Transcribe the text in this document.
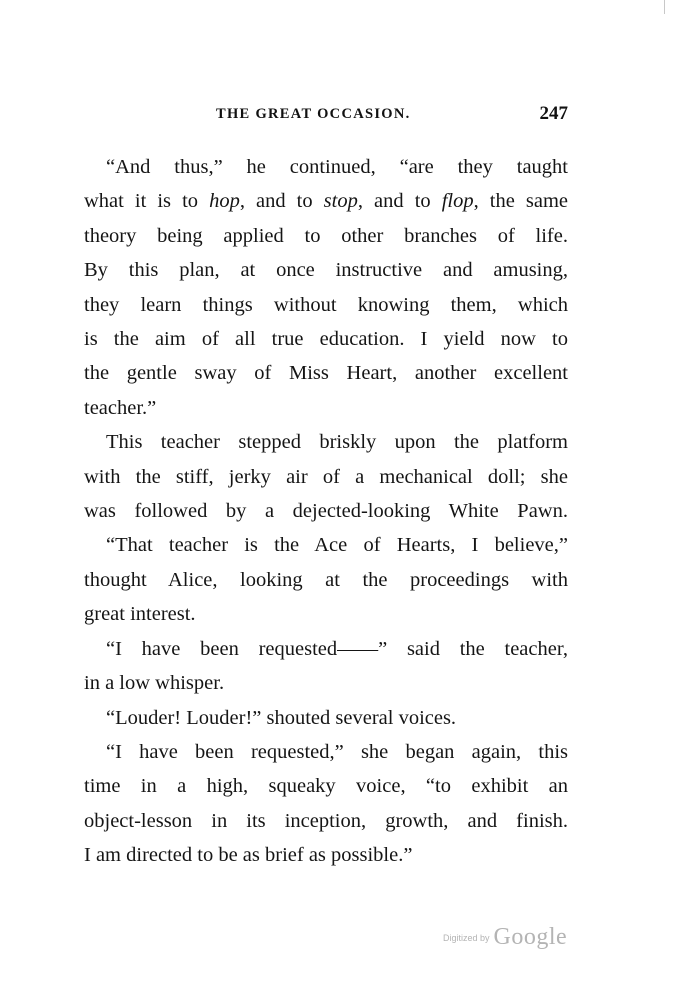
THE GREAT OCCASION.	247

“And thus,” he continued, “are they taught
what it is to hop, and to stop, and to flop, the same
theory being applied to other branches of life.
By this plan, at once instructive and amusing,
they learn things without knowing them, which
is the aim of all true education. I yield now to
the gentle sway of Miss Heart, another excellent
teacher.”

This teacher stepped briskly upon the platform
with the stiff, jerky air of a mechanical doll; she
was followed by a dejected-looking White Pawn.

“That teacher is the Ace of Hearts, I believe,”
thought Alice, looking at the proceedings with
great interest.

“I have been requested——” said the teacher,
in a low whisper.

“Louder! Louder!” shouted several voices.

“I have been requested,” she began again, this
time in a high, squeaky voice, “to exhibit an
object-lesson in its inception, growth, and finish.
I am directed to be as brief as possible.”

Digitized by Google
